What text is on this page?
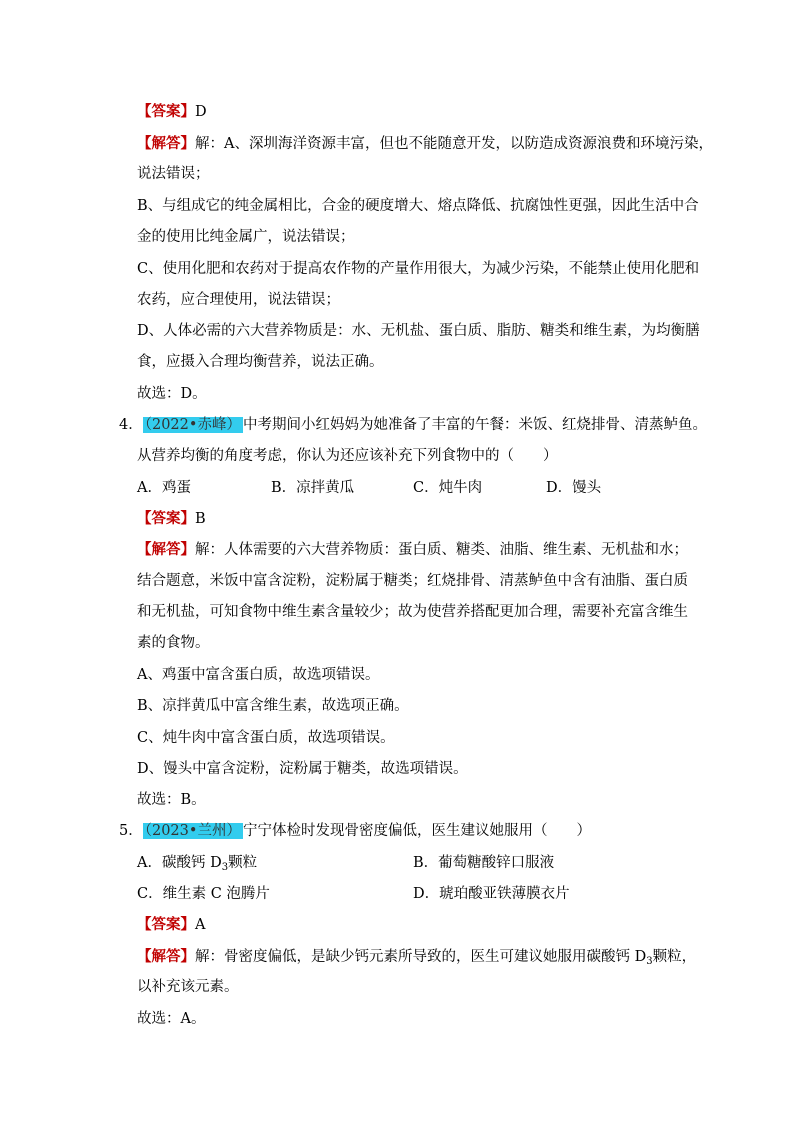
【答案】D
【解答】解：A、深圳海洋资源丰富，但也不能随意开发，以防造成资源浪费和环境污染，
说法错误；
B、与组成它的纯金属相比，合金的硬度增大、熔点降低、抗腐蚀性更强，因此生活中合
金的使用比纯金属广，说法错误；
C、使用化肥和农药对于提高农作物的产量作用很大，为减少污染，不能禁止使用化肥和
农药，应合理使用，说法错误；
D、人体必需的六大营养物质是：水、无机盐、蛋白质、脂肪、糖类和维生素，为均衡膳
食，应摄入合理均衡营养，说法正确。
故选：D。
4． （2022•赤峰） 中考期间小红妈妈为她准备了丰富的午餐：米饭、红烧排骨、清蒸鲈鱼。
从营养均衡的角度考虑，你认为还应该补充下列食物中的（　　）
A．鸡蛋	B．凉拌黄瓜	C．炖牛肉	D．馒头
【答案】B
【解答】解：人体需要的六大营养物质：蛋白质、糖类、油脂、维生素、无机盐和水；
结合题意，米饭中富含淀粉，淀粉属于糖类；红烧排骨、清蒸鲈鱼中含有油脂、蛋白质
和无机盐，可知食物中维生素含量较少；故为使营养搭配更加合理，需要补充富含维生
素的食物。
A、鸡蛋中富含蛋白质，故选项错误。
B、凉拌黄瓜中富含维生素，故选项正确。
C、炖牛肉中富含蛋白质，故选项错误。
D、馒头中富含淀粉，淀粉属于糖类，故选项错误。
故选：B。
5． （2023•兰州） 宁宁体检时发现骨密度偏低，医生建议她服用（　　）
A．碳酸钙 $D_3$颗粒	B．葡萄糖酸锌口服液
C．维生素 C 泡腾片	D．琥珀酸亚铁薄膜衣片
【答案】A
【解答】解：骨密度偏低，是缺少钙元素所导致的，医生可建议她服用碳酸钙 $D_3$颗粒，
以补充该元素。
故选：A。
